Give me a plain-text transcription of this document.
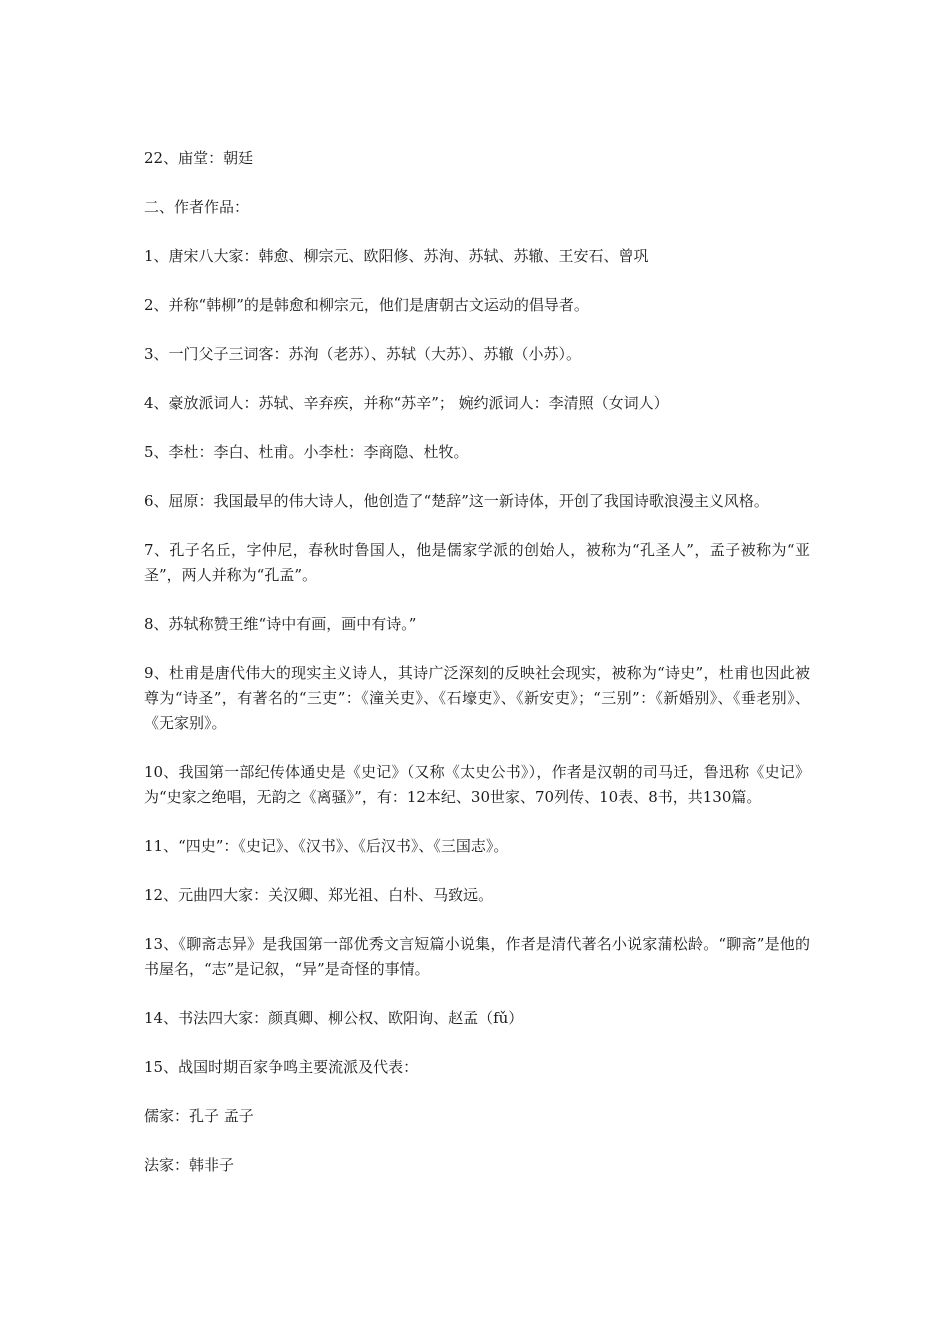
22、庙堂：朝廷

二、作者作品：

1、唐宋八大家：韩愈、柳宗元、欧阳修、苏洵、苏轼、苏辙、王安石、曾巩

2、并称“韩柳”的是韩愈和柳宗元，他们是唐朝古文运动的倡导者。

3、一门父子三词客：苏洵（老苏）、苏轼（大苏）、苏辙（小苏）。

4、豪放派词人：苏轼、辛弃疾，并称“苏辛”； 婉约派词人：李清照（女词人）

5、李杜：李白、杜甫。小李杜：李商隐、杜牧。

6、屈原：我国最早的伟大诗人，他创造了“楚辞”这一新诗体，开创了我国诗歌浪漫主义风格。

7、孔子名丘，字仲尼，春秋时鲁国人，他是儒家学派的创始人，被称为“孔圣人”，孟子被称为“亚圣”，两人并称为“孔孟”。

8、苏轼称赞王维“诗中有画，画中有诗。”

9、杜甫是唐代伟大的现实主义诗人，其诗广泛深刻的反映社会现实，被称为“诗史”，杜甫也因此被尊为“诗圣”，有著名的“三吏”：《潼关吏》、《石壕吏》、《新安吏》；“三别”：《新婚别》、《垂老别》、《无家别》。

10、我国第一部纪传体通史是《史记》（又称《太史公书》），作者是汉朝的司马迁，鲁迅称《史记》为“史家之绝唱，无韵之《离骚》”，有：12本纪、30世家、70列传、10表、8书，共130篇。

11、“四史”：《史记》、《汉书》、《后汉书》、《三国志》。

12、元曲四大家：关汉卿、郑光祖、白朴、马致远。

13、《聊斋志异》是我国第一部优秀文言短篇小说集，作者是清代著名小说家蒲松龄。“聊斋”是他的书屋名，“志”是记叙，“异”是奇怪的事情。

14、书法四大家：颜真卿、柳公权、欧阳询、赵孟（fǔ）

15、战国时期百家争鸣主要流派及代表：

儒家：孔子 孟子

法家：韩非子
